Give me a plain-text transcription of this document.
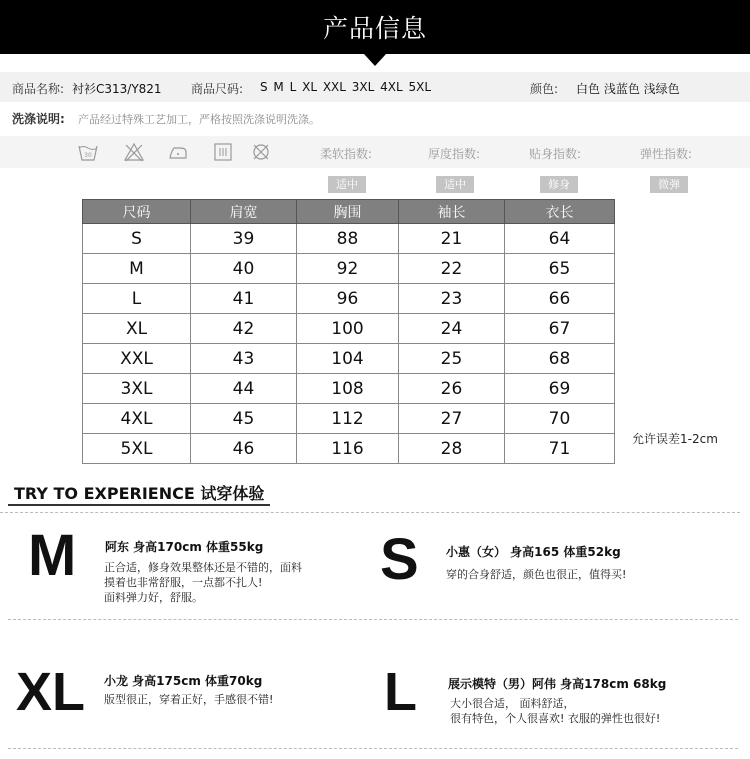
产品信息
商品名称: 衬衫C313/Y821 商品尺码: S M L XL XXL 3XL 4XL 5XL	颜色: 白色 浅蓝色 浅绿色
洗涤说明: 产品经过特殊工艺加工，严格按照洗涤说明洗涤。
30	柔软指数:	厚度指数:	贴身指数:	弹性指数:
适中	适中	修身	微弹
尺码	肩宽	胸围	袖长	衣长
S	39	88	21	64
M	40	92	22	65
L	41	96	23	66
XL	42	100	24	67
XXL	43	104	25	68
3XL	44	108	26	69
4XL	45	112	27	70
5XL	46	116	28	71	允许误差1-2cm
TRY TO EXPERIENCE 试穿体验
M 阿东 身高170cm 体重55kg
正合适，修身效果整体还是不错的，面料
摸着也非常舒服，一点都不扎人!
面料弹力好，舒服。
S 小惠（女） 身高165 体重52kg
穿的合身舒适，颜色也很正，值得买!
XL 小龙 身高175cm 体重70kg
版型很正，穿着正好，手感很不错! L	展示模特（男）阿伟 身高178cm 68kg
大小很合适， 面料舒适，
很有特色，个人很喜欢! 衣服的弹性也很好!
